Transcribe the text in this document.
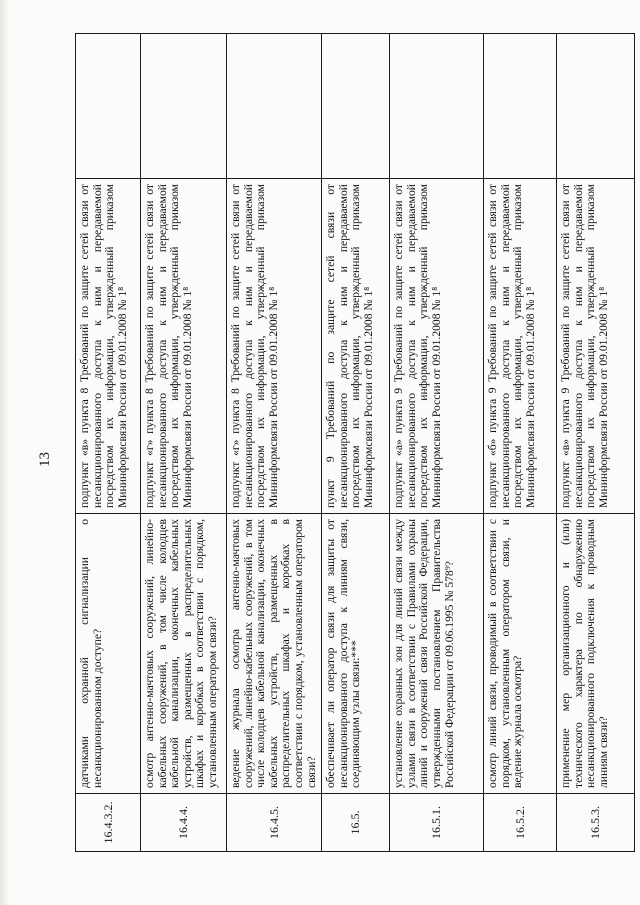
13
16.4.3.2.	датчиками охранной сигнализации о несанкционированном доступе?	подпункт «в» пункта 8 Требований по защите сетей связи от несанкционированного доступа к ним и передаваемой посредством их информации, утвержденный приказом Мининформсвязи России от 09.01.2008 № 1⁸	
16.4.4.	осмотр антенно-мачтовых сооружений, линейно-кабельных сооружений, в том числе колодцев кабельной канализации, оконечных кабельных устройств, размещенных в распределительных шкафах и коробках в соответствии с порядком, установленным оператором связи?	подпункт «г» пункта 8 Требований по защите сетей связи от несанкционированного доступа к ним и передаваемой посредством их информации, утвержденный приказом Мининформсвязи России от 09.01.2008 № 1⁸	
16.4.5.	ведение журнала осмотра антенно-мачтовых сооружений, линейно-кабельных сооружений, в том числе колодцев кабельной канализации, оконечных кабельных устройств, размещенных в распределительных шкафах и коробках в соответствии с порядком, установленным оператором связи?	подпункт «г» пункта 8 Требований по защите сетей связи от несанкционированного доступа к ним и передаваемой посредством их информации, утвержденный приказом Мининформсвязи России от 09.01.2008 № 1⁸	
16.5.	обеспечивает ли оператор связи для защиты от несанкционированного доступа к линиям связи, соединяющим узлы связи:***	пункт 9 Требований по защите сетей связи от несанкционированного доступа к ним и передаваемой посредством их информации, утвержденный приказом Мининформсвязи России от 09.01.2008 № 1⁸	
16.5.1.	установление охранных зон для линий связи между узлами связи в соответствии с Правилами охраны линий и сооружений связи Российской Федерации, утвержденными постановлением Правительства Российской Федерации от 09.06.1995 № 578⁹?	подпункт «а» пункта 9 Требований по защите сетей связи от несанкционированного доступа к ним и передаваемой посредством их информации, утвержденный приказом Мининформсвязи России от 09.01.2008 № 1⁸	
16.5.2.	осмотр линий связи, проводимый в соответствии с порядком, установленным оператором связи, и ведение журнала осмотра?	подпункт «б» пункта 9 Требований по защите сетей связи от несанкционированного доступа к ним и передаваемой посредством их информации, утвержденный приказом Мининформсвязи России от 09.01.2008 № 1⁸	
16.5.3.	применение мер организационного и (или) технического характера по обнаружению несанкционированного подключения к проводным линиям связи?	подпункт «в» пункта 9 Требований по защите сетей связи от несанкционированного доступа к ним и передаваемой посредством их информации, утвержденный приказом Мининформсвязи России от 09.01.2008 № 1⁸	
